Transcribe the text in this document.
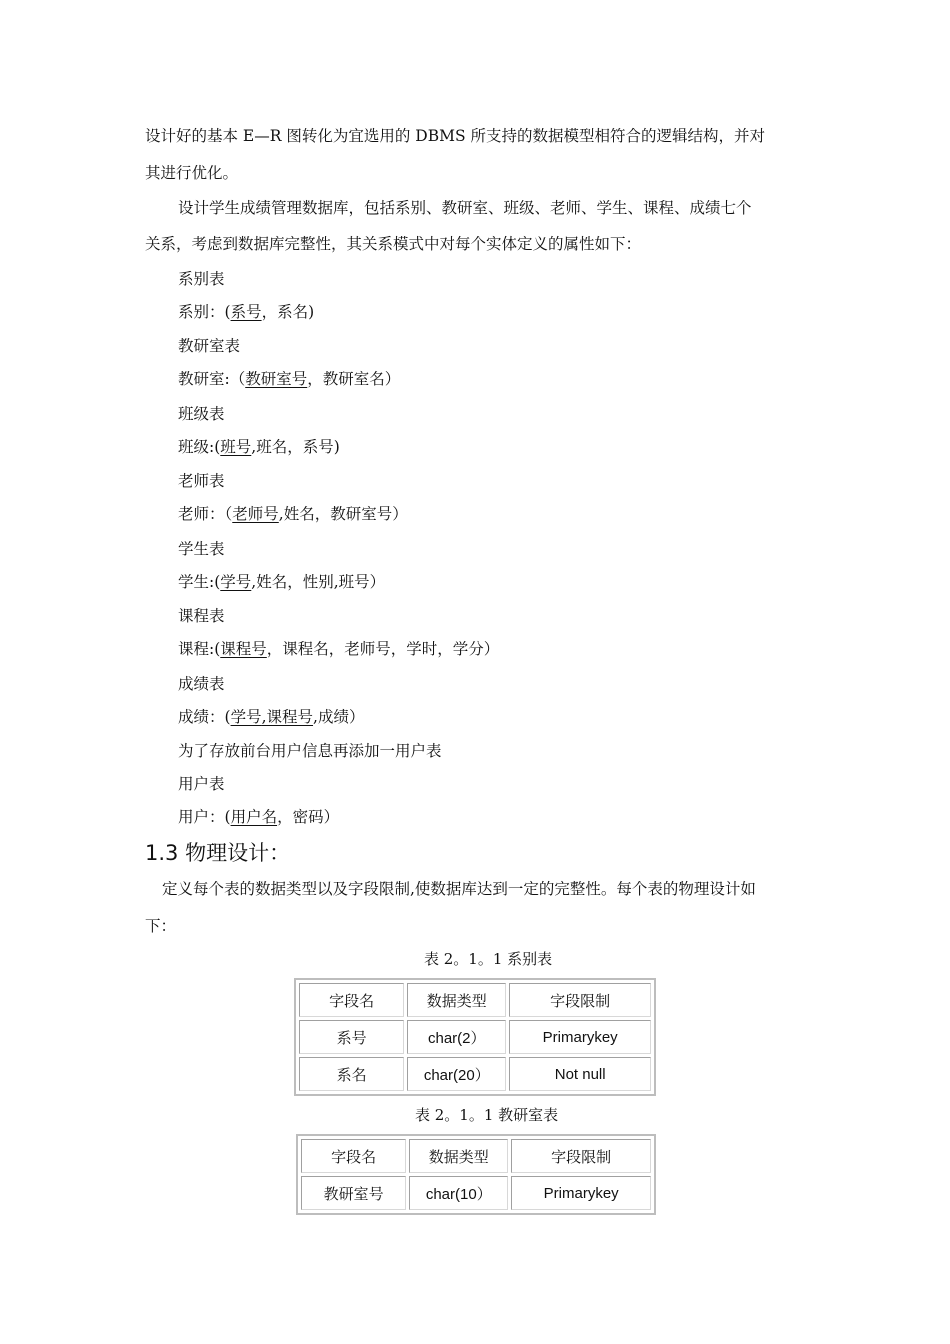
设计好的基本 E—R 图转化为宜选用的 DBMS 所支持的数据模型相符合的逻辑结构，并对
其进行优化。
设计学生成绩管理数据库，包括系别、教研室、班级、老师、学生、课程、成绩七个
关系，考虑到数据库完整性，其关系模式中对每个实体定义的属性如下：
系别表
系别：(系号，系名)
教研室表
教研室:（教研室号，教研室名）
班级表
班级:(班号,班名，系号)
老师表
老师：（老师号,姓名，教研室号）
学生表
学生:(学号,姓名，性别,班号）
课程表
课程:(课程号，课程名，老师号，学时，学分）
成绩表
成绩：(学号,课程号,成绩）
为了存放前台用户信息再添加一用户表
用户表
用户：(用户名，密码）
1.3 物理设计：
定义每个表的数据类型以及字段限制,使数据库达到一定的完整性。每个表的物理设计如
下：
表 2。1。1 系别表
字段名	数据类型	字段限制
系号	char(2）	Primarykey
系名	char(20）	Not null
表 2。1。1 教研室表
字段名	数据类型	字段限制
教研室号	char(10）	Primarykey
